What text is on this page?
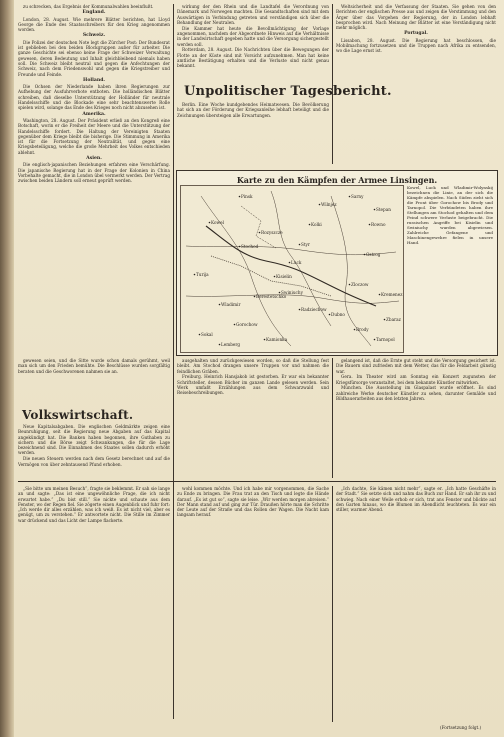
zu schrecken, das Ergebnis der Kommunalwahlen beeinflußt.

England.

London, 28. August. Wie mehrere Blätter berichten, hat Lloyd George die Ende des Staatsschreibers für den Krieg angenommen worden.

Schweiz.

Die Polizei der deutschen Note legt die Zürcher Post: Der Bundesrat ist geblieben bei den beiden Blockgruppen außer für arbeiter. Die ganze Geschichte sei ebenso keine Frage der Schweizer Verwaltung gewesen, deren Bedeutung und Inhalt gleichbleibend niemals haben soll. Die Schweiz bleibt neutral und gegen die Anfechtungen der Schweiz, nach dem Friedenswohl und gegen die Kriegstreiber und Freunde und Feinde.

Holland.

Die Ochsen der Niederlande haben ihren Regierungen zur Aufhebung der Ausfuhrverbote entboten. Die holländischen Blätter schreiben, daß dieselbe Unterstützung der Holländer für neutrale Handelsschiffe und die Blockade eine sehr beachtenswerte Rolle spielen wird, solange das Ende des Krieges noch nicht abzusehen ist.

Amerika.

Washington, 28. August. Der Präsident erließ an den Kongreß eine Botschaft, worin er die Freiheit der Meere und die Unterstützung der Handelsschiffe fordert. Die Haltung der Vereinigten Staaten gegenüber dem Kriege bleibt die bisherige. Die Stimmung in Amerika ist für die Fortsetzung der Neutralität, und gegen eine Kriegsbeteiligung, welche die große Mehrheit des Volkes entschieden ablehnt.

Asien.

Die englisch-japanischen Beziehungen erfahren eine Verschärfung. Die japanische Regierung hat in der Frage der Kolonien in China Vorbehalte gemacht, die in London übel vermerkt werden. Der Vertrag zwischen beiden Ländern soll erneut geprüft werden.

wirkung der den Rhein und die Landtafel die Verordnung von Dänemark und Norwegen machten. Die Gesandtschaften sind mit dem Auswärtigen in Verbindung getreten und verständigen sich über die Behandlung der Neutralen.

Die Kammer hat heute die Bevollmächtigung der Vorlage angenommen, nachdem der Abgeordnete Hinweis auf die Verhältnisse in der Landwirtschaft gegeben hatte und die Versorgung sichergestellt werden soll.

Rotterdam, 28. August. Die Nachrichten über die Bewegungen der Flotte an der Küste sind mit Vorsicht aufzunehmen. Man hat keine amtliche Bestätigung erhalten und die Verluste sind nicht genau bekannt.

Weltsicherheit und die Verfassung der Staaten. Sie gehen von den Berichten der englischen Presse aus und zeigen die Verstimmung und den Ärger über das Vorgehen der Regierung, der in London lebhaft besprochen wird. Nach Meinung der Blätter ist eine Verständigung nicht mehr möglich.

Portugal.

Lissabon, 28. August. Die Regierung hat beschlossen, die Mobilmachung fortzusetzen und die Truppen nach Afrika zu entsenden, wo die Lage ernst ist.

Unpolitischer Tagesbericht.

Berlin. Eine Woche kundgebendes Heimatwesen. Die Bevölkerung hat sich an der Förderung der Kriegsanleihe lebhaft beteiligt und die Zeichnungen übersteigen alle Erwartungen.

Karte zu den Kämpfen der Armee Linsingen.
Kowel
Luck
Wladimir
Rozyszcze
Kolki
Sokal
Gorochow
Dubno
Brody
Tarnopol
Zloczow
Styr
Stochod
Kisielin
Swiniuchy
Wilnjez
Berestetschko
Radziechow
Lemberg
Kamionka
Rowno
Ostrog
Kremenez
Zbaraz
Sarny
Stepan
Pinsk
Turija

Kowel, Luck und Wladimir-Wolynskij bezeichnen die Linie, an der sich die Kämpfe abspielen. Nach Süden zieht sich die Front über Gorochow bis Brody und Tarnopol. Die Verbündeten haben ihre Stellungen am Stochod gehalten und dem Feind schwere Verluste beigebracht. Die russischen Angriffe bei Kisielin und Swiniuchy wurden abgewiesen. Zahlreiche Gefangene und Maschinengewehre fielen in unsere Hand.

gewesen seien, und die Sitte wurde schon damals gerühmt, weil man sich um den Frieden bemühte. Die Beschlüsse wurden sorgfältig beraten und die Geschworenen nahmen sie an.

Volkswirtschaft.

Neue Kapitalsabgaben. Die englischen Geldmärkte zeigen eine Beunruhigung, seit die Regierung neue Abgaben auf das Kapital angekündigt hat. Die Banken haben begonnen, ihre Guthaben zu sichern und die Börse zeigt Schwankungen, die für die Lage bezeichnend sind. Die Einnahmen des Staates sollen dadurch erhöht werden.

Die neuen Steuern werden nach dem Gesetz berechnet und auf die Vermögen von über zehntausend Pfund erhoben.

ausgehalten und zurückgewiesen worden, so daß die Stellung fest bleibt. Am Stochod drangen unsere Truppen vor und nahmen die feindlichen Gräben.

Freiburg. Heinrich Hansjakob ist gestorben. Er war ein bekannter Schriftsteller, dessen Bücher im ganzen Lande gelesen werden. Sein Werk umfaßt Erzählungen aus dem Schwarzwald und Reisebeschreibungen.

gelangend ist, daß die Ernte gut steht und die Versorgung gesichert ist. Die Bauern sind zufrieden mit dem Wetter, das für die Feldarbeit günstig war.

Gera. Im Theater wird am Sonntag ein Konzert zugunsten der Kriegsfürsorge veranstaltet, bei dem bekannte Künstler mitwirken.

München. Die Ausstellung im Glaspalast wurde eröffnet. Es sind zahlreiche Werke deutscher Künstler zu sehen, darunter Gemälde und Bildhauerarbeiten aus den letzten Jahren.

„Sie bitte um meinen Besuch“, fragte sie beklemmt. Er sah sie lange an und sagte: „Das ist eine ungewöhnliche Frage, die ich nicht erwartet habe.“ „Du bist still.“ Sie nickte und schaute aus dem Fenster, wo der Regen fiel. Sie zögerte einen Augenblick und fuhr fort: „Ich werde dir alles erzählen, was ich weiß. Es ist nicht viel, aber es genügt, um zu verstehen.“ Er antwortete nicht. Die Stille im Zimmer war drückend und das Licht der Lampe flackerte.

wohl kommen möchte. Und ich habe mir vorgenommen, die Sache zu Ende zu bringen. Die Frau trat an den Tisch und legte die Hände darauf. „Es ist gut so“, sagte sie leise. „Wir werden morgen abreisen.“ Der Mann stand auf und ging zur Tür. Draußen hörte man die Schritte der Leute auf der Straße und das Rollen der Wagen. Die Nacht kam langsam herauf.

„Ich dachte, Sie kämen nicht mehr“, sagte er. „Ich hatte Geschäfte in der Stadt.“ Sie setzte sich und nahm das Buch zur Hand. Er sah ihr zu und schwieg. Nach einer Weile erhob er sich, trat ans Fenster und blickte auf den Garten hinaus, wo die Blumen im Abendlicht leuchteten. Es war ein stiller, warmer Abend.

(Fortsetzung folgt.)
